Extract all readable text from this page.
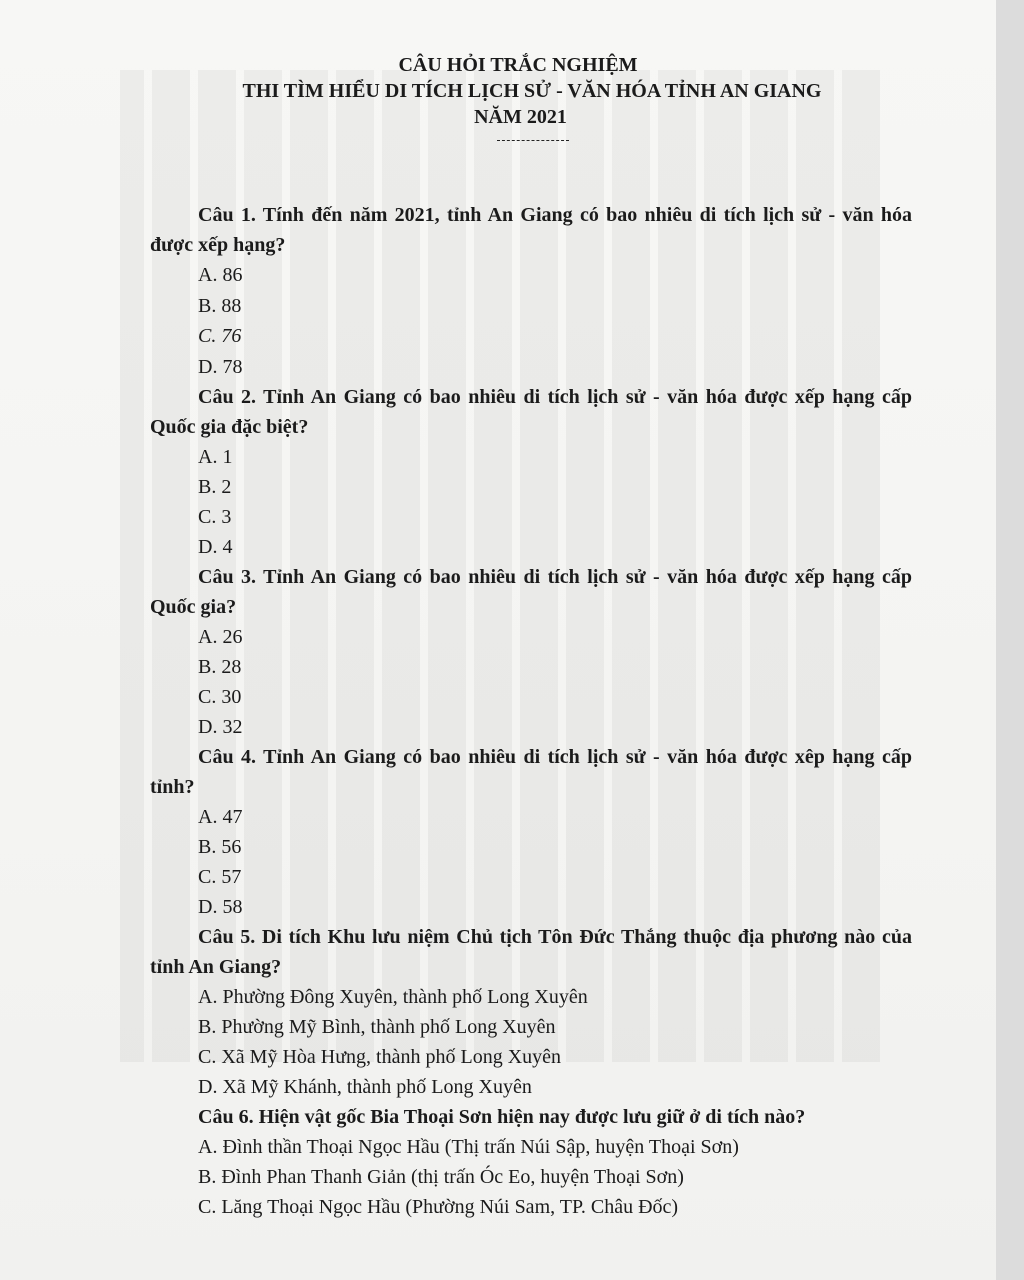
CÂU HỎI TRẮC NGHIỆM
THI TÌM HIỂU DI TÍCH LỊCH SỬ - VĂN HÓA TỈNH AN GIANG
NĂM 2021

Câu 1. Tính đến năm 2021, tỉnh An Giang có bao nhiêu di tích lịch sử - văn hóa được xếp hạng?

A. 86
B. 88
C. 76
D. 78

Câu 2. Tỉnh An Giang có bao nhiêu di tích lịch sử - văn hóa được xếp hạng cấp Quốc gia đặc biệt?

A. 1
B. 2
C. 3
D. 4

Câu 3. Tỉnh An Giang có bao nhiêu di tích lịch sử - văn hóa được xếp hạng cấp Quốc gia?

A. 26
B. 28
C. 30
D. 32

Câu 4. Tỉnh An Giang có bao nhiêu di tích lịch sử - văn hóa được xêp hạng cấp tỉnh?

A. 47
B. 56
C. 57
D. 58

Câu 5. Di tích Khu lưu niệm Chủ tịch Tôn Đức Thắng thuộc địa phương nào của tỉnh An Giang?

A. Phường Đông Xuyên, thành phố Long Xuyên
B. Phường Mỹ Bình, thành phố Long Xuyên
C. Xã Mỹ Hòa Hưng, thành phố Long Xuyên
D. Xã Mỹ Khánh, thành phố Long Xuyên

Câu 6. Hiện vật gốc Bia Thoại Sơn hiện nay được lưu giữ ở di tích nào?

A. Đình thần Thoại Ngọc Hầu (Thị trấn Núi Sập, huyện Thoại Sơn)
B. Đình Phan Thanh Giản (thị trấn Óc Eo, huyện Thoại Sơn)
C. Lăng Thoại Ngọc Hầu (Phường Núi Sam, TP. Châu Đốc)
